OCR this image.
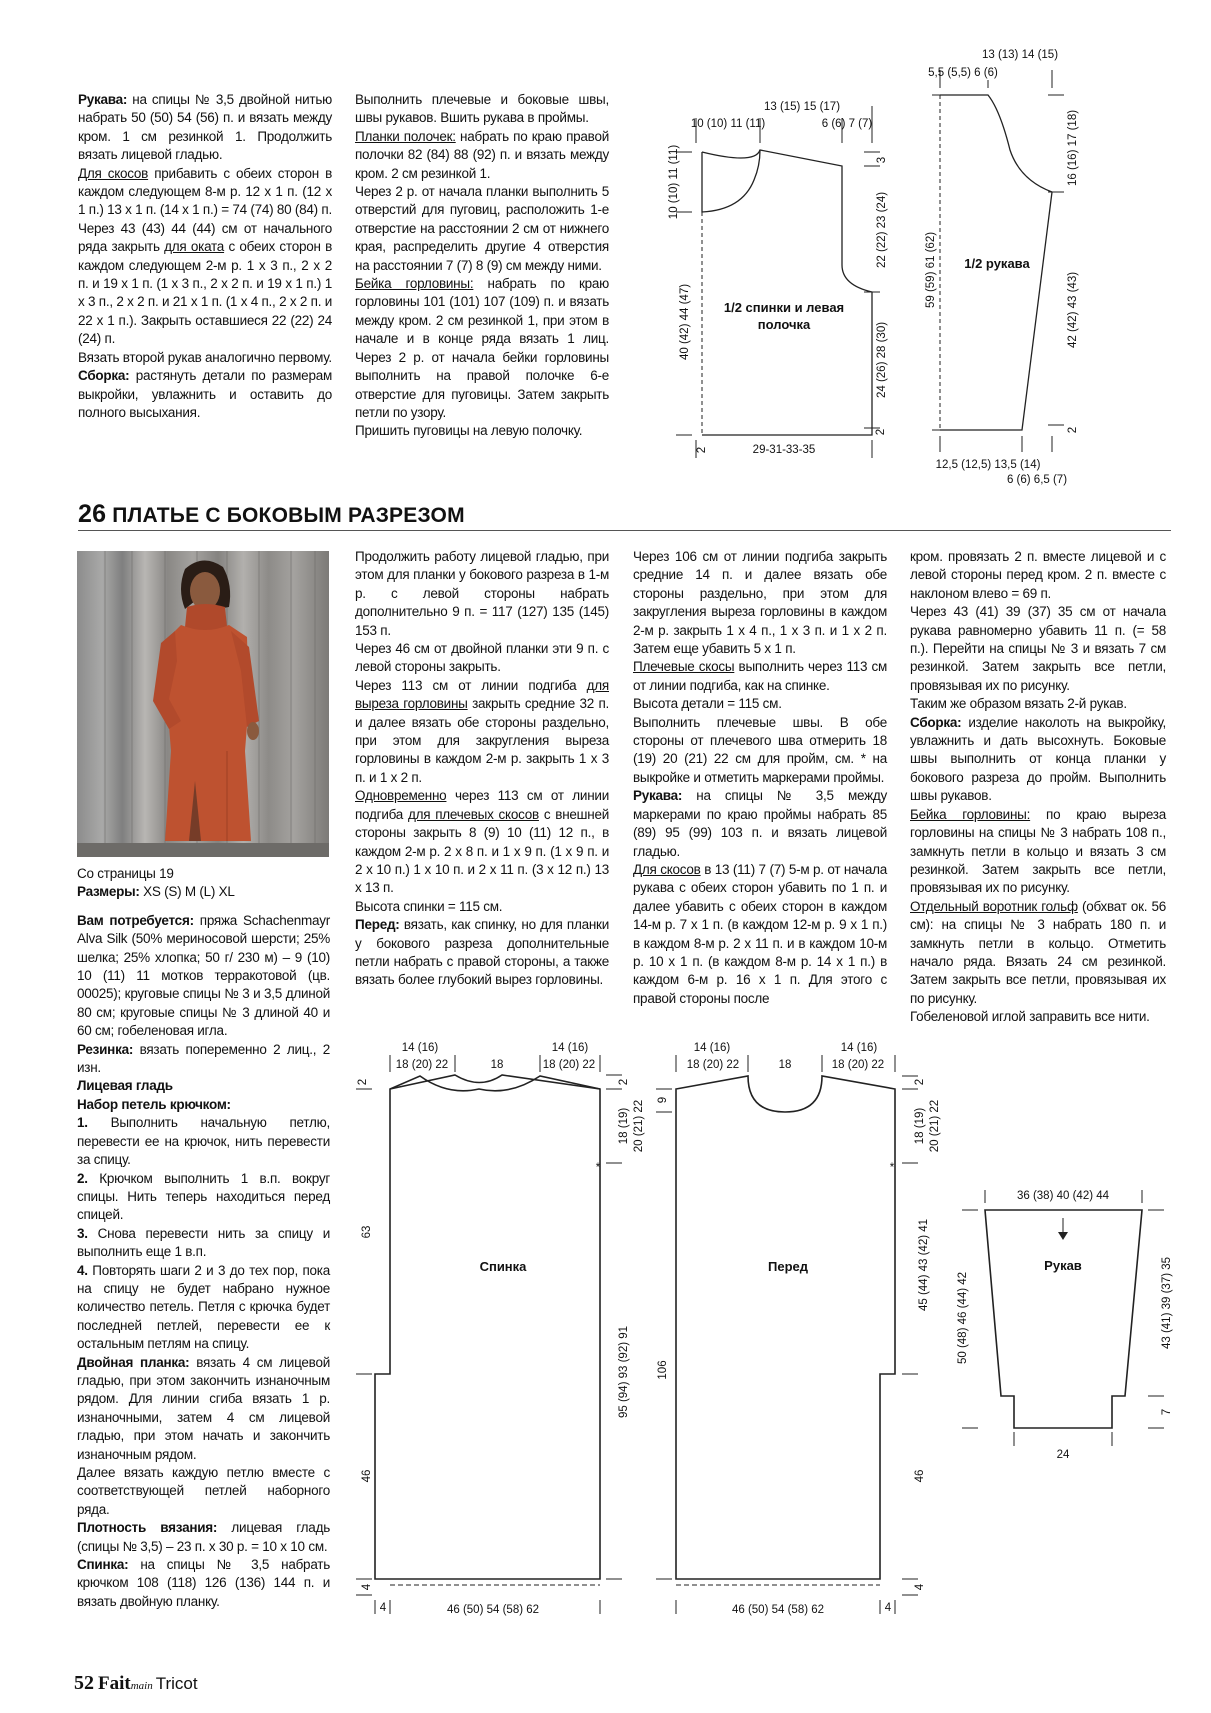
Рукава: на спицы № 3,5 двойной нитью набрать 50 (50) 54 (56) п. и вязать между кром. 1 см резинкой 1. Продолжить вязать лицевой гладью.

Для скосов прибавить с обеих сторон в каждом следующем 8-м р. 12 х 1 п. (12 х 1 п.) 13 х 1 п. (14 х 1 п.) = 74 (74) 80 (84) п.

Через 43 (43) 44 (44) см от начального ряда закрыть для оката с обеих сторон в каждом следующем 2-м р. 1 х 3 п., 2 х 2 п. и 19 х 1 п. (1 х 3 п., 2 х 2 п. и 19 х 1 п.) 1 х 3 п., 2 х 2 п. и 21 х 1 п. (1 х 4 п., 2 х 2 п. и 22 х 1 п.). Закрыть оставшиеся 22 (22) 24 (24) п.

Вязать второй рукав аналогично первому.

Сборка: растянуть детали по размерам выкройки, увлажнить и оставить до полного высыхания.

Выполнить плечевые и боковые швы, швы рукавов. Вшить рукава в проймы.

Планки полочек: набрать по краю правой полочки 82 (84) 88 (92) п. и вязать между кром. 2 см резинкой 1.

Через 2 р. от начала планки выполнить 5 отверстий для пуговиц, расположить 1-е отверстие на расстоянии 2 см от нижнего края, распределить другие 4 отверстия на расстоянии 7 (7) 8 (9) см между ними.

Бейка горловины: набрать по краю горловины 101 (101) 107 (109) п. и вязать между кром. 2 см резинкой 1, при этом в начале и в конце ряда вязать 1 лиц. Через 2 р. от начала бейки горловины выполнить на правой полочке 6-е отверстие для пуговицы. Затем закрыть петли по узору.

Пришить пуговицы на левую полочку.

26 ПЛАТЬЕ С БОКОВЫМ РАЗРЕЗОМ

Со страницы 19

Размеры: XS (S) M (L) XL

Вам потребуется: пряжа Schachenmayr Alva Silk (50% мериносовой шерсти; 25% шелка; 25% хлопка; 50 г/ 230 м) – 9 (10) 10 (11) 11 мотков терракотовой (цв. 00025); круговые спицы № 3 и 3,5 длиной 80 см; круговые спицы № 3 длиной 40 и 60 см; гобеленовая игла.

Резинка: вязать попеременно 2 лиц., 2 изн.

Лицевая гладь

Набор петель крючком:

1. Выполнить начальную петлю, перевести ее на крючок, нить перевести за спицу.

2. Крючком выполнить 1 в.п. вокруг спицы. Нить теперь находиться перед спицей.

3. Снова перевести нить за спицу и выполнить еще 1 в.п.

4. Повторять шаги 2 и 3 до тех пор, пока на спицу не будет набрано нужное количество петель. Петля с крючка будет последней петлей, перевести ее к остальным петлям на спицу.

Двойная планка: вязать 4 см лицевой гладью, при этом закончить изнаночным рядом. Для линии сгиба вязать 1 р. изнаночными, затем 4 см лицевой гладью, при этом начать и закончить изнаночным рядом.

Далее вязать каждую петлю вместе с соответствующей петлей наборного ряда.

Плотность вязания: лицевая гладь (спицы № 3,5) – 23 п. х 30 р. = 10 х 10 см.

Спинка: на спицы № 3,5 набрать крючком 108 (118) 126 (136) 144 п. и вязать двойную планку.

Продолжить работу лицевой гладью, при этом для планки у бокового разреза в 1-м р. с левой стороны набрать дополнительно 9 п. = 117 (127) 135 (145) 153 п.

Через 46 см от двойной планки эти 9 п. с левой стороны закрыть.

Через 113 см от линии подгиба для выреза горловины закрыть средние 32 п. и далее вязать обе стороны раздельно, при этом для закругления выреза горловины в каждом 2-м р. закрыть 1 х 3 п. и 1 х 2 п.

Одновременно через 113 см от линии подгиба для плечевых скосов с внешней стороны закрыть 8 (9) 10 (11) 12 п., в каждом 2-м р. 2 х 8 п. и 1 х 9 п. (1 х 9 п. и 2 х 10 п.) 1 х 10 п. и 2 х 11 п. (3 х 12 п.) 13 х 13 п.

Высота спинки = 115 см.

Перед: вязать, как спинку, но для планки у бокового разреза дополнительные петли набрать с правой стороны, а также вязать более глубокий вырез горловины.

Через 106 см от линии подгиба закрыть средние 14 п. и далее вязать обе стороны раздельно, при этом для закругления выреза горловины в каждом 2-м р. закрыть 1 х 4 п., 1 х 3 п. и 1 х 2 п. Затем еще убавить 5 х 1 п.

Плечевые скосы выполнить через 113 см от линии подгиба, как на спинке.

Высота детали = 115 см.

Выполнить плечевые швы. В обе стороны от плечевого шва отмерить 18 (19) 20 (21) 22 см для пройм, см. * на выкройке и отметить маркерами проймы.

Рукава: на спицы № 3,5 между маркерами по краю проймы набрать 85 (89) 95 (99) 103 п. и вязать лицевой гладью.

Для скосов в 13 (11) 7 (7) 5-м р. от начала рукава с обеих сторон убавить по 1 п. и далее убавить с обеих сторон в каждом 14-м р. 7 х 1 п. (в каждом 12-м р. 9 х 1 п.) в каждом 8-м р. 2 х 11 п. и в каждом 10-м р. 10 х 1 п. (в каждом 8-м р. 14 х 1 п.) в каждом 6-м р. 16 х 1 п. Для этого с правой стороны после

кром. провязать 2 п. вместе лицевой и с левой стороны перед кром. 2 п. вместе с наклоном влево = 69 п.

Через 43 (41) 39 (37) 35 см от начала рукава равномерно убавить 11 п. (= 58 п.). Перейти на спицы № 3 и вязать 7 см резинкой. Затем закрыть все петли, провязывая их по рисунку.

Таким же образом вязать 2-й рукав.

Сборка: изделие наколоть на выкройку, увлажнить и дать высохнуть. Боковые швы выполнить от конца планки у бокового разреза до пройм. Выполнить швы рукавов.

Бейка горловины: по краю выреза горловины на спицы № 3 набрать 108 п., замкнуть петли в кольцо и вязать 3 см резинкой. Затем закрыть все петли, провязывая их по рисунку.

Отдельный воротник гольф (обхват ок. 56 см): на спицы № 3 набрать 180 п. и замкнуть петли в кольцо. Отметить начало ряда. Вязать 24 см резинкой. Затем закрыть все петли, провязывая их по рисунку.

Гобеленовой иглой заправить все нити.

13 (15) 15 (17)
10 (10) 11 (11)	6 (6) 7 (7)
3
10 (10) 11 (11)
22 (22) 23 (24)
24 (26) 28 (30)
40 (42) 44 (47)
2
2
29-31-33-35
1/2 спинки и левая
полочка
13 (13) 14 (15)
5,5 (5,5) 6 (6)
16 (16) 17 (18)
59 (59) 61 (62)
42 (42) 43 (43)
2
12,5 (12,5) 13,5 (14)
6 (6) 6,5 (7)
1/2 рукава
14 (16)
18 (20) 22	18
14 (16)
18 (20) 22
2	2
18 (19) 20 (21) 22
*
63
95 (94) 93 (92) 91
46
4
4	46 (50) 54 (58) 62
Спинка
14 (16)
18 (20) 22	18
14 (16)
18 (20) 22
9
2
18 (19) 20 (21) 22
*
106
46
4
4
46 (50) 54 (58) 62
Перед
36 (38) 40 (42) 44
50 (48) 46 (44) 42
45 (44) 43 (42) 41	43 (41) 39 (37) 35
7
24
Рукав
52 Faitmain Tricot
